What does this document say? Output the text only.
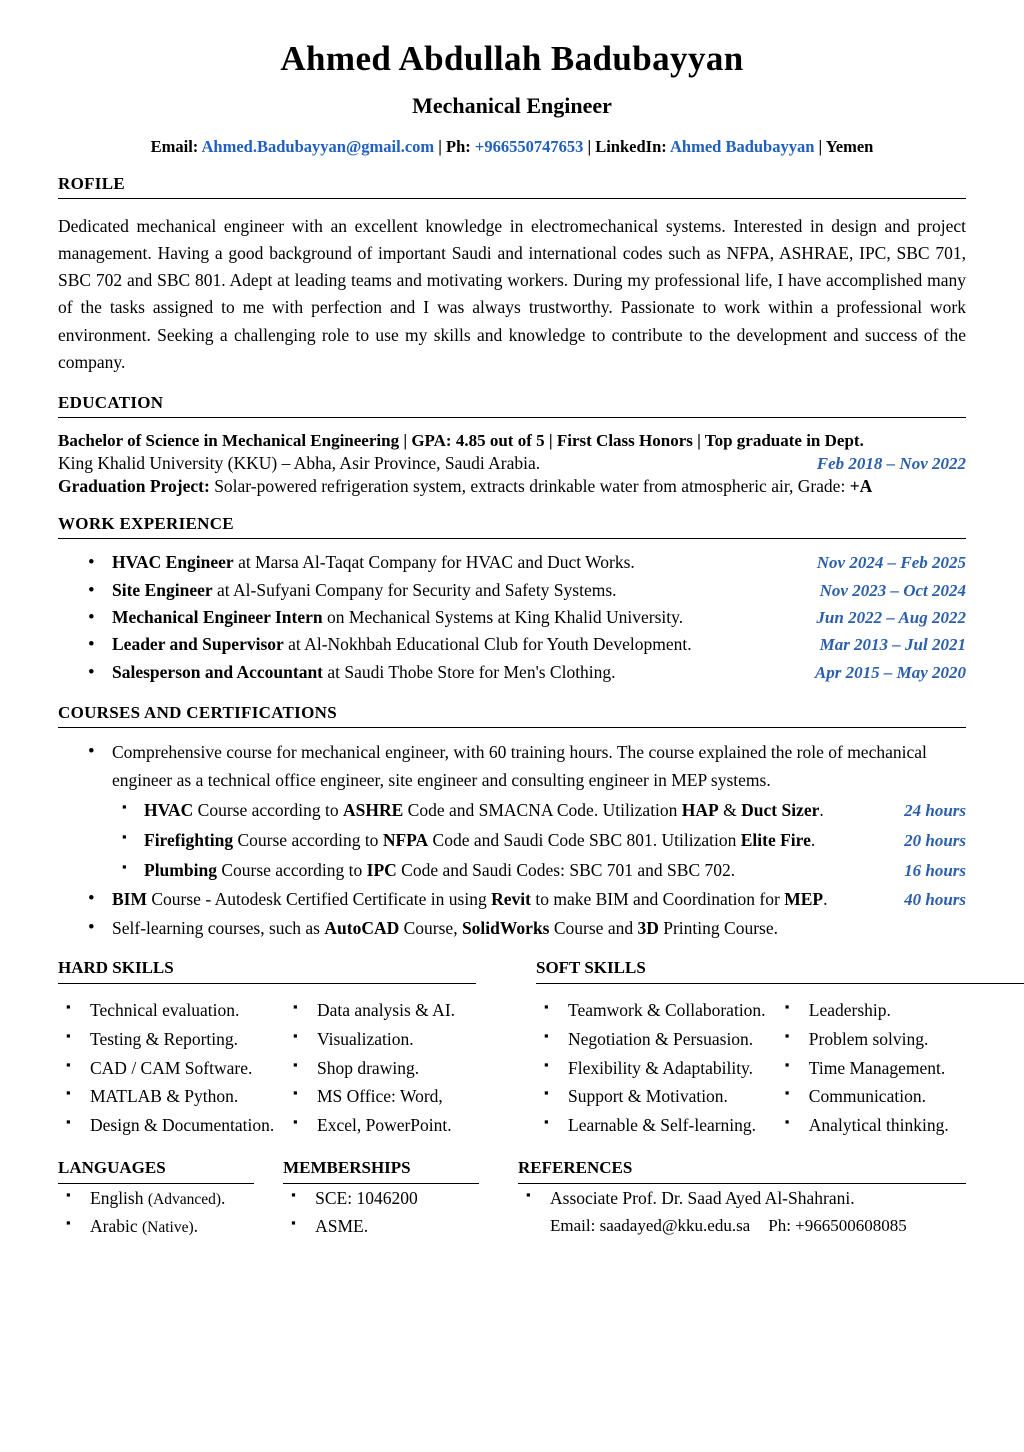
Ahmed Abdullah Badubayyan
Mechanical Engineer
Email: Ahmed.Badubayyan@gmail.com | Ph: +966550747653 | LinkedIn: Ahmed Badubayyan | Yemen
ROFILE
Dedicated mechanical engineer with an excellent knowledge in electromechanical systems. Interested in design and project management. Having a good background of important Saudi and international codes such as NFPA, ASHRAE, IPC, SBC 701, SBC 702 and SBC 801. Adept at leading teams and motivating workers. During my professional life, I have accomplished many of the tasks assigned to me with perfection and I was always trustworthy. Passionate to work within a professional work environment. Seeking a challenging role to use my skills and knowledge to contribute to the development and success of the company.
EDUCATION
Bachelor of Science in Mechanical Engineering | GPA: 4.85 out of 5 | First Class Honors | Top graduate in Dept.
King Khalid University (KKU) – Abha, Asir Province, Saudi Arabia.	Feb 2018 – Nov 2022
Graduation Project: Solar-powered refrigeration system, extracts drinkable water from atmospheric air, Grade: +A
WORK EXPERIENCE
• HVAC Engineer at Marsa Al-Taqat Company for HVAC and Duct Works.	Nov 2024 – Feb 2025
• Site Engineer at Al-Sufyani Company for Security and Safety Systems.	Nov 2023 – Oct 2024
• Mechanical Engineer Intern on Mechanical Systems at King Khalid University.	Jun 2022 – Aug 2022
• Leader and Supervisor at Al-Nokhbah Educational Club for Youth Development.	Mar 2013 – Jul 2021
• Salesperson and Accountant at Saudi Thobe Store for Men's Clothing.	Apr 2015 – May 2020
COURSES AND CERTIFICATIONS
• Comprehensive course for mechanical engineer, with 60 training hours. The course explained the role of mechanical engineer as a technical office engineer, site engineer and consulting engineer in MEP systems.
▪ HVAC Course according to ASHRE Code and SMACNA Code. Utilization HAP & Duct Sizer.	24 hours
▪ Firefighting Course according to NFPA Code and Saudi Code SBC 801. Utilization Elite Fire.	20 hours
▪ Plumbing Course according to IPC Code and Saudi Codes: SBC 701 and SBC 702.	16 hours
• BIM Course - Autodesk Certified Certificate in using Revit to make BIM and Coordination for MEP.	40 hours
• Self-learning courses, such as AutoCAD Course, SolidWorks Course and 3D Printing Course.
HARD SKILLS
▪ Technical evaluation.
▪ Testing & Reporting.
▪ CAD / CAM Software.
▪ MATLAB & Python.
▪ Design & Documentation.
▪ Data analysis & AI.
▪ Visualization.
▪ Shop drawing.
▪ MS Office: Word,
▪ Excel, PowerPoint.
SOFT SKILLS
▪ Teamwork & Collaboration.
▪ Negotiation & Persuasion.
▪ Flexibility & Adaptability.
▪ Support & Motivation.
▪ Learnable & Self-learning.
▪ Leadership.
▪ Problem solving.
▪ Time Management.
▪ Communication.
▪ Analytical thinking.
LANGUAGES
▪ English (Advanced).
▪ Arabic (Native).
MEMBERSHIPS
▪ SCE: 1046200
▪ ASME.
REFERENCES
▪ Associate Prof. Dr. Saad Ayed Al-Shahrani.
Email: saadayed@kku.edu.sa Ph: +966500608085
